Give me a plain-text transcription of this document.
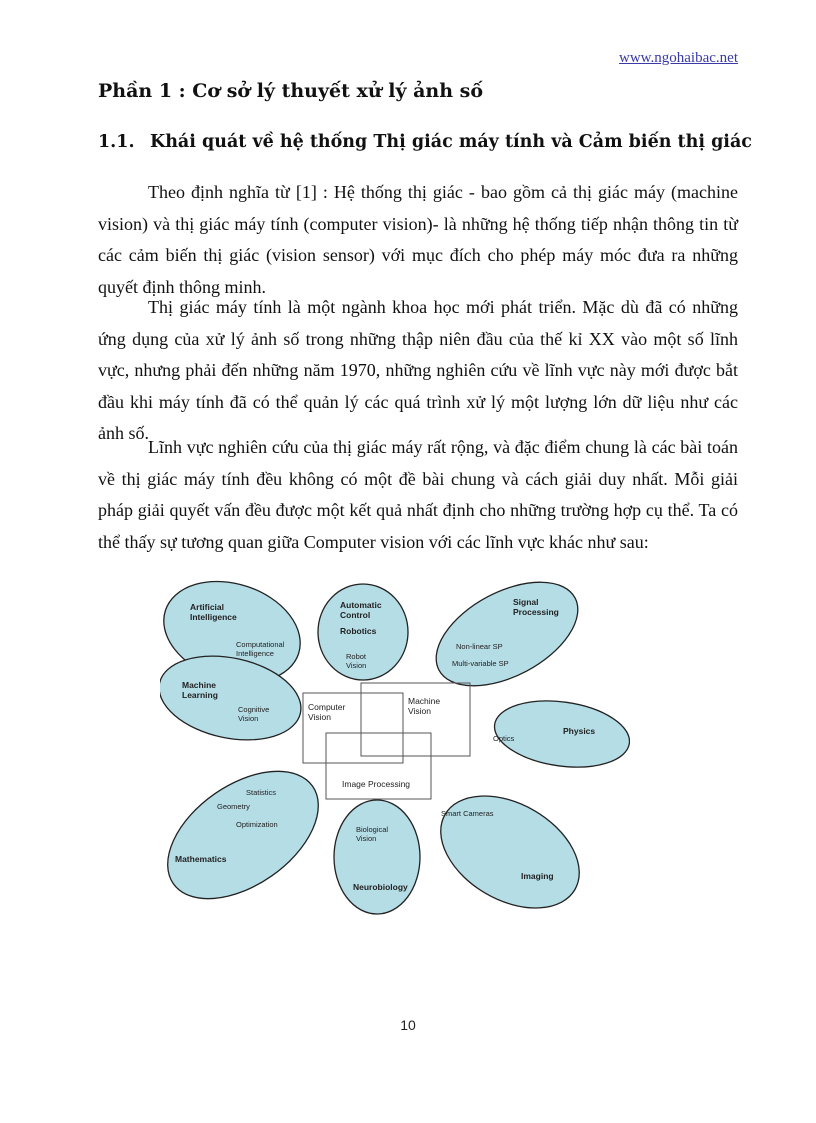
www.ngohaibac.net
Phần 1 : Cơ sở lý thuyết xử lý ảnh số
1.1. Khái quát về hệ thống Thị giác máy tính và Cảm biến thị giác

Theo định nghĩa từ [1] : Hệ thống thị giác - bao gồm cả thị giác máy (machine vision) và thị giác máy tính (computer vision)- là những hệ thống tiếp nhận thông tin từ các cảm biến thị giác (vision sensor) với mục đích cho phép máy móc đưa ra những quyết định thông minh.

Thị giác máy tính là một ngành khoa học mới phát triển. Mặc dù đã có những ứng dụng của xử lý ảnh số trong những thập niên đầu của thế kỉ XX vào một số lĩnh vực, nhưng phải đến những năm 1970, những nghiên cứu về lĩnh vực này mới được bắt đầu khi máy tính đã có thể quản lý các quá trình xử lý một lượng lớn dữ liệu như các ảnh số.

Lĩnh vực nghiên cứu của thị giác máy rất rộng, và đặc điểm chung là các bài toán về thị giác máy tính đều không có một đề bài chung và cách giải duy nhất. Mỗi giải pháp giải quyết vấn đều được một kết quả nhất định cho những trường hợp cụ thể. Ta có thể thấy sự tương quan giữa Computer vision với các lĩnh vực khác như sau:

Computer Vision
Machine Vision
Image Processing
Artificial Intelligence
Computational Intelligence
Automatic Control
Robotics
Robot Vision
Signal Processing
Non-linear SP
Multi-variable SP
Machine Learning
Cognitive Vision
Physics
Optics
Statistics
Geometry
Optimization
Mathematics
Biological Vision
Neurobiology
Smart Cameras
Imaging
10
